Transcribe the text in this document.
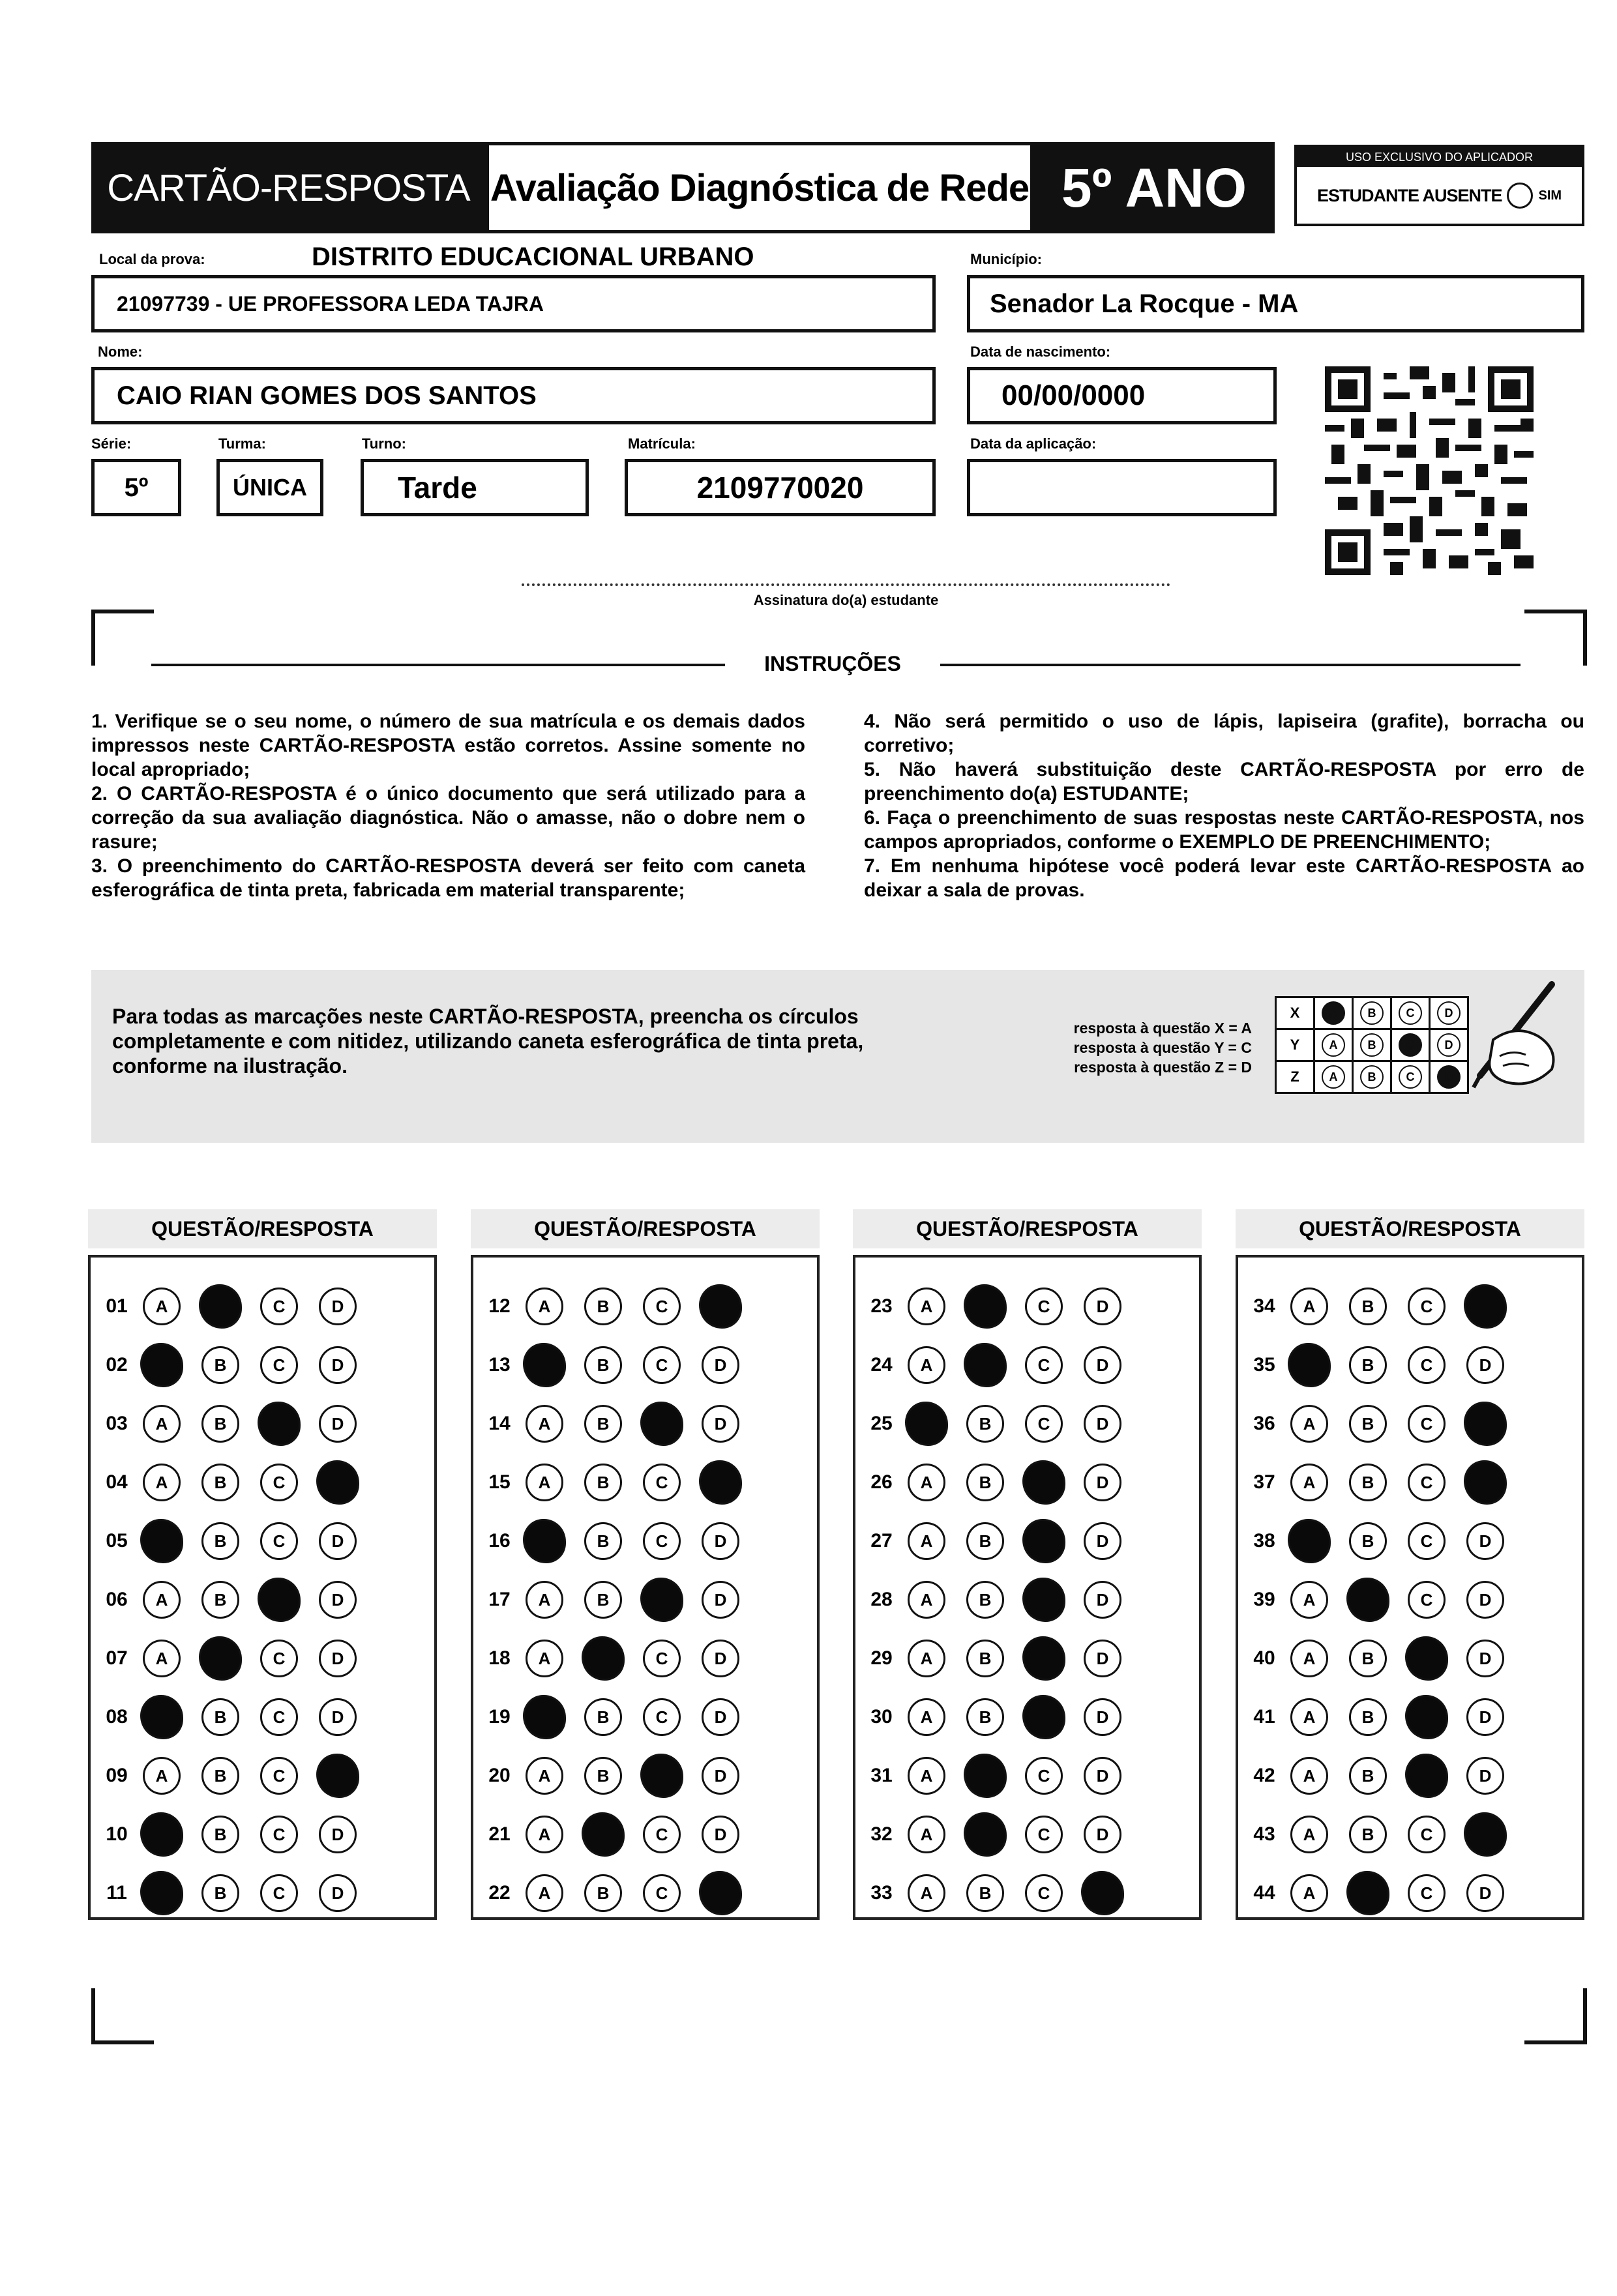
CARTÃO-RESPOSTA Avaliação Diagnóstica de Rede 5º ANO	USO EXCLUSIVO DO APLICADOR
ESTUDANTE AUSENTE	SIM
Local da prova:	DISTRITO EDUCACIONAL URBANO
21097739 - UE PROFESSORA LEDA TAJRA
Município:
Senador La Rocque - MA
Nome:
CAIO RIAN GOMES DOS SANTOS
Data de nascimento:
00/00/0000
Série:
5º
Turma:
ÚNICA
Turno:
Tarde
Matrícula:
2109770020
Data da aplicação:
Assinatura do(a) estudante
INSTRUÇÕES

1. Verifique se o seu nome, o número de sua matrícula e os demais dados impressos neste CARTÃO-RESPOSTA estão corretos. Assine somente no local apropriado;

2. O CARTÃO-RESPOSTA é o único documento que será utilizado para a correção da sua avaliação diagnóstica. Não o amasse, não o dobre nem o rasure;

3. O preenchimento do CARTÃO-RESPOSTA deverá ser feito com caneta esferográfica de tinta preta, fabricada em material transparente;

4. Não será permitido o uso de lápis, lapiseira (grafite), borracha ou corretivo;

5. Não haverá substituição deste CARTÃO-RESPOSTA por erro de preenchimento do(a) ESTUDANTE;

6. Faça o preenchimento de suas respostas neste CARTÃO-RESPOSTA, nos campos apropriados, conforme o EXEMPLO DE PREENCHIMENTO;

7. Em nenhuma hipótese você poderá levar este CARTÃO-RESPOSTA ao deixar a sala de provas.

Para todas as marcações neste CARTÃO-RESPOSTA, preencha os círculos completamente e com nitidez, utilizando caneta esferográfica de tinta preta, conforme na ilustração.
resposta à questão X = A
resposta à questão Y = C
resposta à questão Z = D
X	A	B	C	D
Y	A	B	C	D
Z	A	B	C	D
QUESTÃO/RESPOSTA
01	A	B	C	D
02	A	B	C	D
03	A	B	C	D
04	A	B	C	D
05	A	B	C	D
06	A	B	C	D
07	A	B	C	D
08	A	B	C	D
09	A	B	C	D
10	A	B	C	D
11	A	B	C	D
QUESTÃO/RESPOSTA
12	A	B	C	D
13	A	B	C	D
14	A	B	C	D
15	A	B	C	D
16	A	B	C	D
17	A	B	C	D
18	A	B	C	D
19	A	B	C	D
20	A	B	C	D
21	A	B	C	D
22	A	B	C	D
QUESTÃO/RESPOSTA
23	A	B	C	D
24	A	B	C	D
25	A	B	C	D
26	A	B	C	D
27	A	B	C	D
28	A	B	C	D
29	A	B	C	D
30	A	B	C	D
31	A	B	C	D
32	A	B	C	D
33	A	B	C	D
QUESTÃO/RESPOSTA
34	A	B	C	D
35	A	B	C	D
36	A	B	C	D
37	A	B	C	D
38	A	B	C	D
39	A	B	C	D
40	A	B	C	D
41	A	B	C	D
42	A	B	C	D
43	A	B	C	D
44	A	B	C	D
